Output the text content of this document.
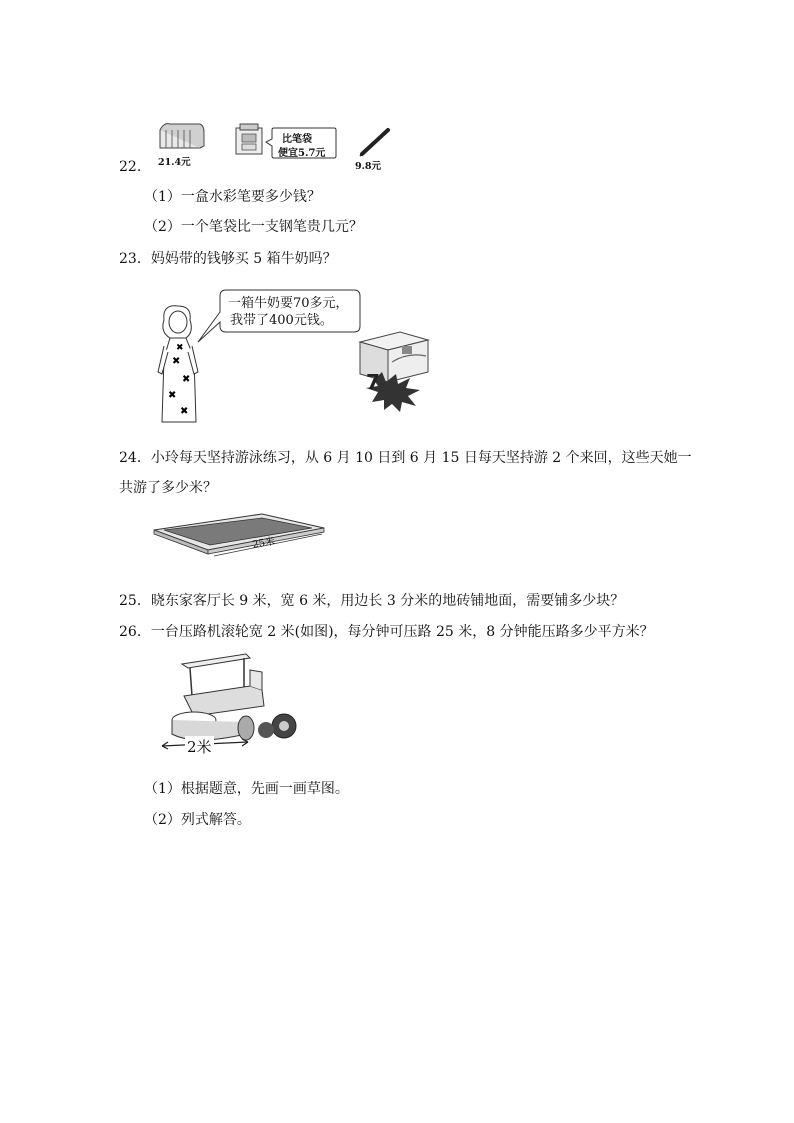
21.4元
比笔袋
便宜5.7元
9.8元
22.
（1）一盒水彩笔要多少钱？
（2）一个笔袋比一支钢笔贵几元？
23．妈妈带的钱够买 5 箱牛奶吗？
✖
✖
✖
✖
✖
一箱牛奶要70多元，
我带了400元钱。
7
24．小玲每天坚持游泳练习，从 6 月 10 日到 6 月 15 日每天坚持游 2 个来回，这些天她一
共游了多少米？
25米
25．晓东家客厅长 9 米，宽 6 米，用边长 3 分米的地砖铺地面，需要铺多少块？
26．一台压路机滚轮宽 2 米(如图)，每分钟可压路 25 米，8 分钟能压路多少平方米？
2米
（1）根据题意，先画一画草图。
（2）列式解答。
